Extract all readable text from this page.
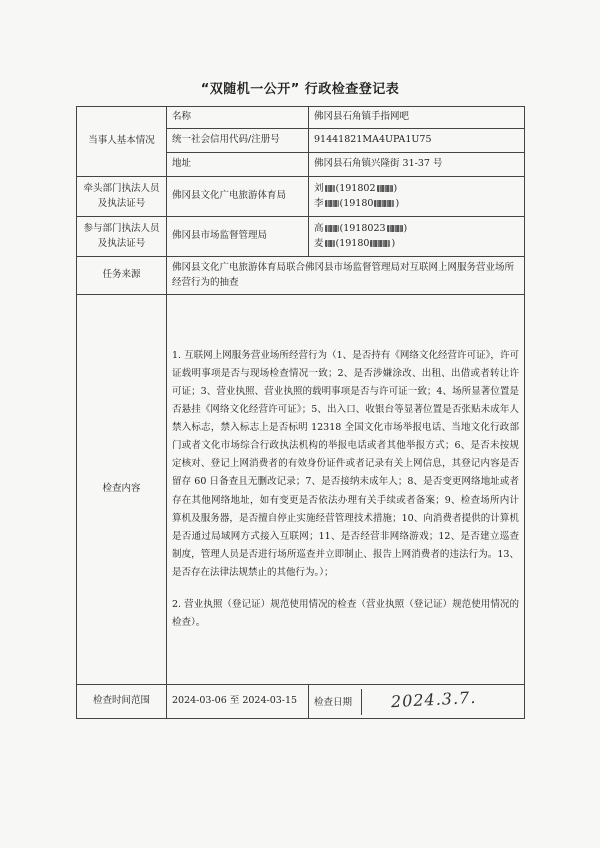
“双随机一公开” 行政检查登记表
当事人基本情况	名称	佛冈县石角镇手指网吧
	统一社会信用代码/注册号	91441821MA4UPA1U75
	地址	佛冈县石角镇兴隆街 31-37 号
牵头部门执法人员及执法证号	佛冈县文化广电旅游体育局	刘 (191802 )
李 (19180 )

参与部门执法人员及执法证号	佛冈县市场监督管理局	高 (1918023 )
麦 (19180 )

任务来源	佛冈县文化广电旅游体育局联合佛冈县市场监督管理局对互联网上网服务营业场所经营行为的抽查	
检查内容	1. 互联网上网服务营业场所经营行为（1、是否持有《网络文化经营许可证》，许可证载明事项是否与现场检查情况一致；2、是否涉嫌涂改、出租、出借或者转让许可证；3、营业执照、营业执照的载明事项是否与许可证一致；4、场所显著位置是否悬挂《网络文化经营许可证》；5、出入口、收银台等显著位置是否张贴未成年人禁入标志，禁入标志上是否标明 12318 全国文化市场举报电话、当地文化行政部门或者文化市场综合行政执法机构的举报电话或者其他举报方式；6、是否未按规定核对、登记上网消费者的有效身份证件或者记录有关上网信息，其登记内容是否留存 60 日备查且无删改记录；7、是否接纳未成年人；8、是否变更网络地址或者存在其他网络地址，如有变更是否依法办理有关手续或者备案；9、检查场所内计算机及服务器，是否擅自停止实施经营管理技术措施；10、向消费者提供的计算机是否通过局域网方式接入互联网；11、是否经营非网络游戏；12、是否建立巡查制度，管理人员是否进行场所巡查并立即制止、报告上网消费者的违法行为。13、是否存在法律法规禁止的其他行为。）；

2. 营业执照（登记证）规范使用情况的检查（营业执照（登记证）规范使用情况的检查）。	

检查时间范围	2024-03-06 至 2024-03-15	检查日期 2024.3.7.
